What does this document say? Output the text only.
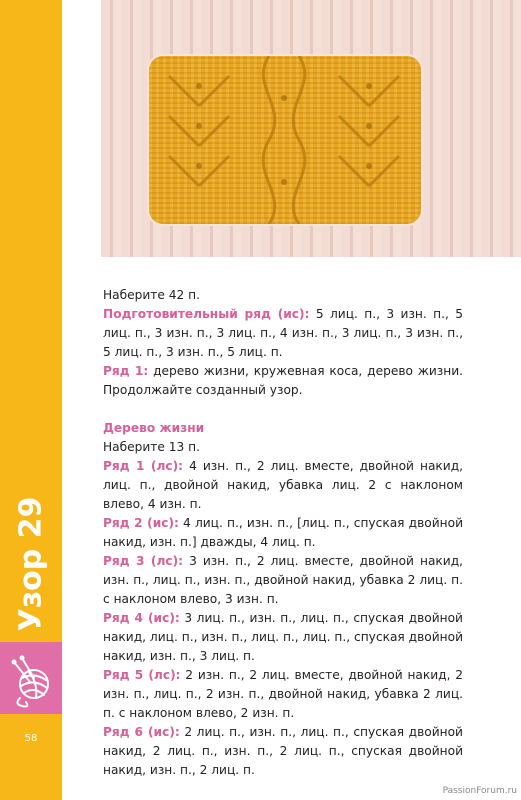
Узор 29
58

Наберите 42 п.

Подготовительный ряд (ис): 5 лиц. п., 3 изн. п., 5 лиц. п., 3 изн. п., 3 лиц. п., 4 изн. п., 3 лиц. п., 3 изн. п., 5 лиц. п., 3 изн. п., 5 лиц. п.

Ряд 1: дерево жизни, кружевная коса, дерево жизни. Продолжайте созданный узор.

Дерево жизни

Наберите 13 п.

Ряд 1 (лс): 4 изн. п., 2 лиц. вместе, двойной накид, лиц. п., двойной накид, убавка лиц. 2 с наклоном влево, 4 изн. п.

Ряд 2 (ис): 4 лиц. п., изн. п., [лиц. п., спуская двойной накид, изн. п.] дважды, 4 лиц. п.

Ряд 3 (лс): 3 изн. п., 2 лиц. вместе, двойной накид, изн. п., лиц. п., изн. п., двойной накид, убавка 2 лиц. п. с наклоном влево, 3 изн. п.

Ряд 4 (ис): 3 лиц. п., изн. п., лиц. п., спуская двойной накид, лиц. п., изн. п., лиц. п., лиц. п., спуская двойной накид, изн. п., 3 лиц. п.

Ряд 5 (лс): 2 изн. п., 2 лиц. вместе, двойной накид, 2 изн. п., лиц. п., 2 изн. п., двойной накид, убавка 2 лиц. п. с наклоном влево, 2 изн. п.

Ряд 6 (ис): 2 лиц. п., изн. п., лиц. п., спуская двойной накид, 2 лиц. п., изн. п., 2 лиц. п., спуская двойной накид, изн. п., 2 лиц. п.

PassionForum.ru
